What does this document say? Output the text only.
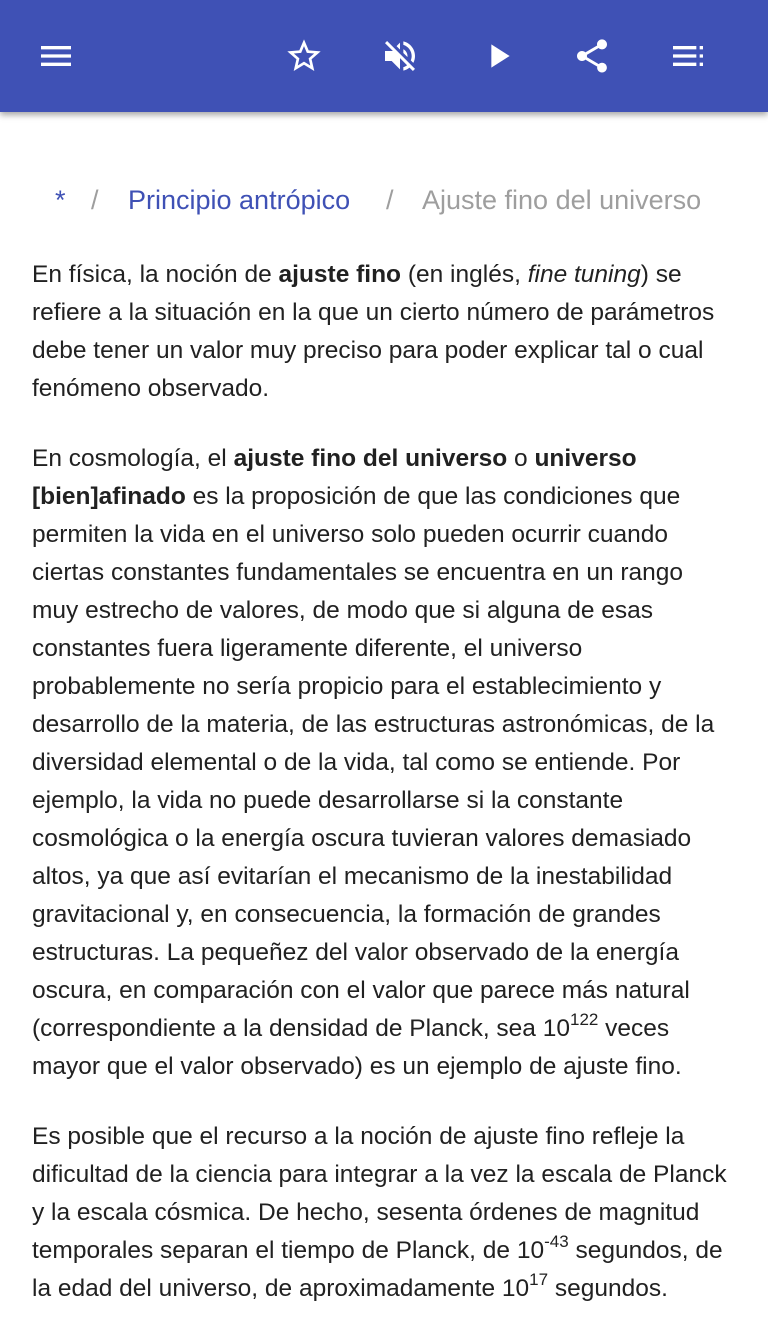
* / Principio antrópico / Ajuste fino del universo

En física, la noción de ajuste fino (en inglés, fine tuning) se refiere a la situación en la que un cierto número de parámetros debe tener un valor muy preciso para poder explicar tal o cual fenómeno observado.

En cosmología, el ajuste fino del universo o universo [bien]afinado es la proposición de que las condiciones que permiten la vida en el universo solo pueden ocurrir cuando ciertas constantes fundamentales se encuentra en un rango muy estrecho de valores, de modo que si alguna de esas constantes fuera ligeramente diferente, el universo probablemente no sería propicio para el establecimiento y desarrollo de la materia, de las estructuras astronómicas, de la diversidad elemental o de la vida, tal como se entiende. Por ejemplo, la vida no puede desarrollarse si la constante cosmológica o la energía oscura tuvieran valores demasiado altos, ya que así evitarían el mecanismo de la inestabilidad gravitacional y, en consecuencia, la formación de grandes estructuras. La pequeñez del valor observado de la energía oscura, en comparación con el valor que parece más natural (correspondiente a la densidad de Planck, sea $10^{122}$ veces mayor que el valor observado) es un ejemplo de ajuste fino.

Es posible que el recurso a la noción de ajuste fino refleje la dificultad de la ciencia para integrar a la vez la escala de Planck y la escala cósmica. De hecho, sesenta órdenes de magnitud temporales separan el tiempo de Planck, de $10^{-43}$ segundos, de la edad del universo, de aproximadamente $10^{17}$ segundos.
